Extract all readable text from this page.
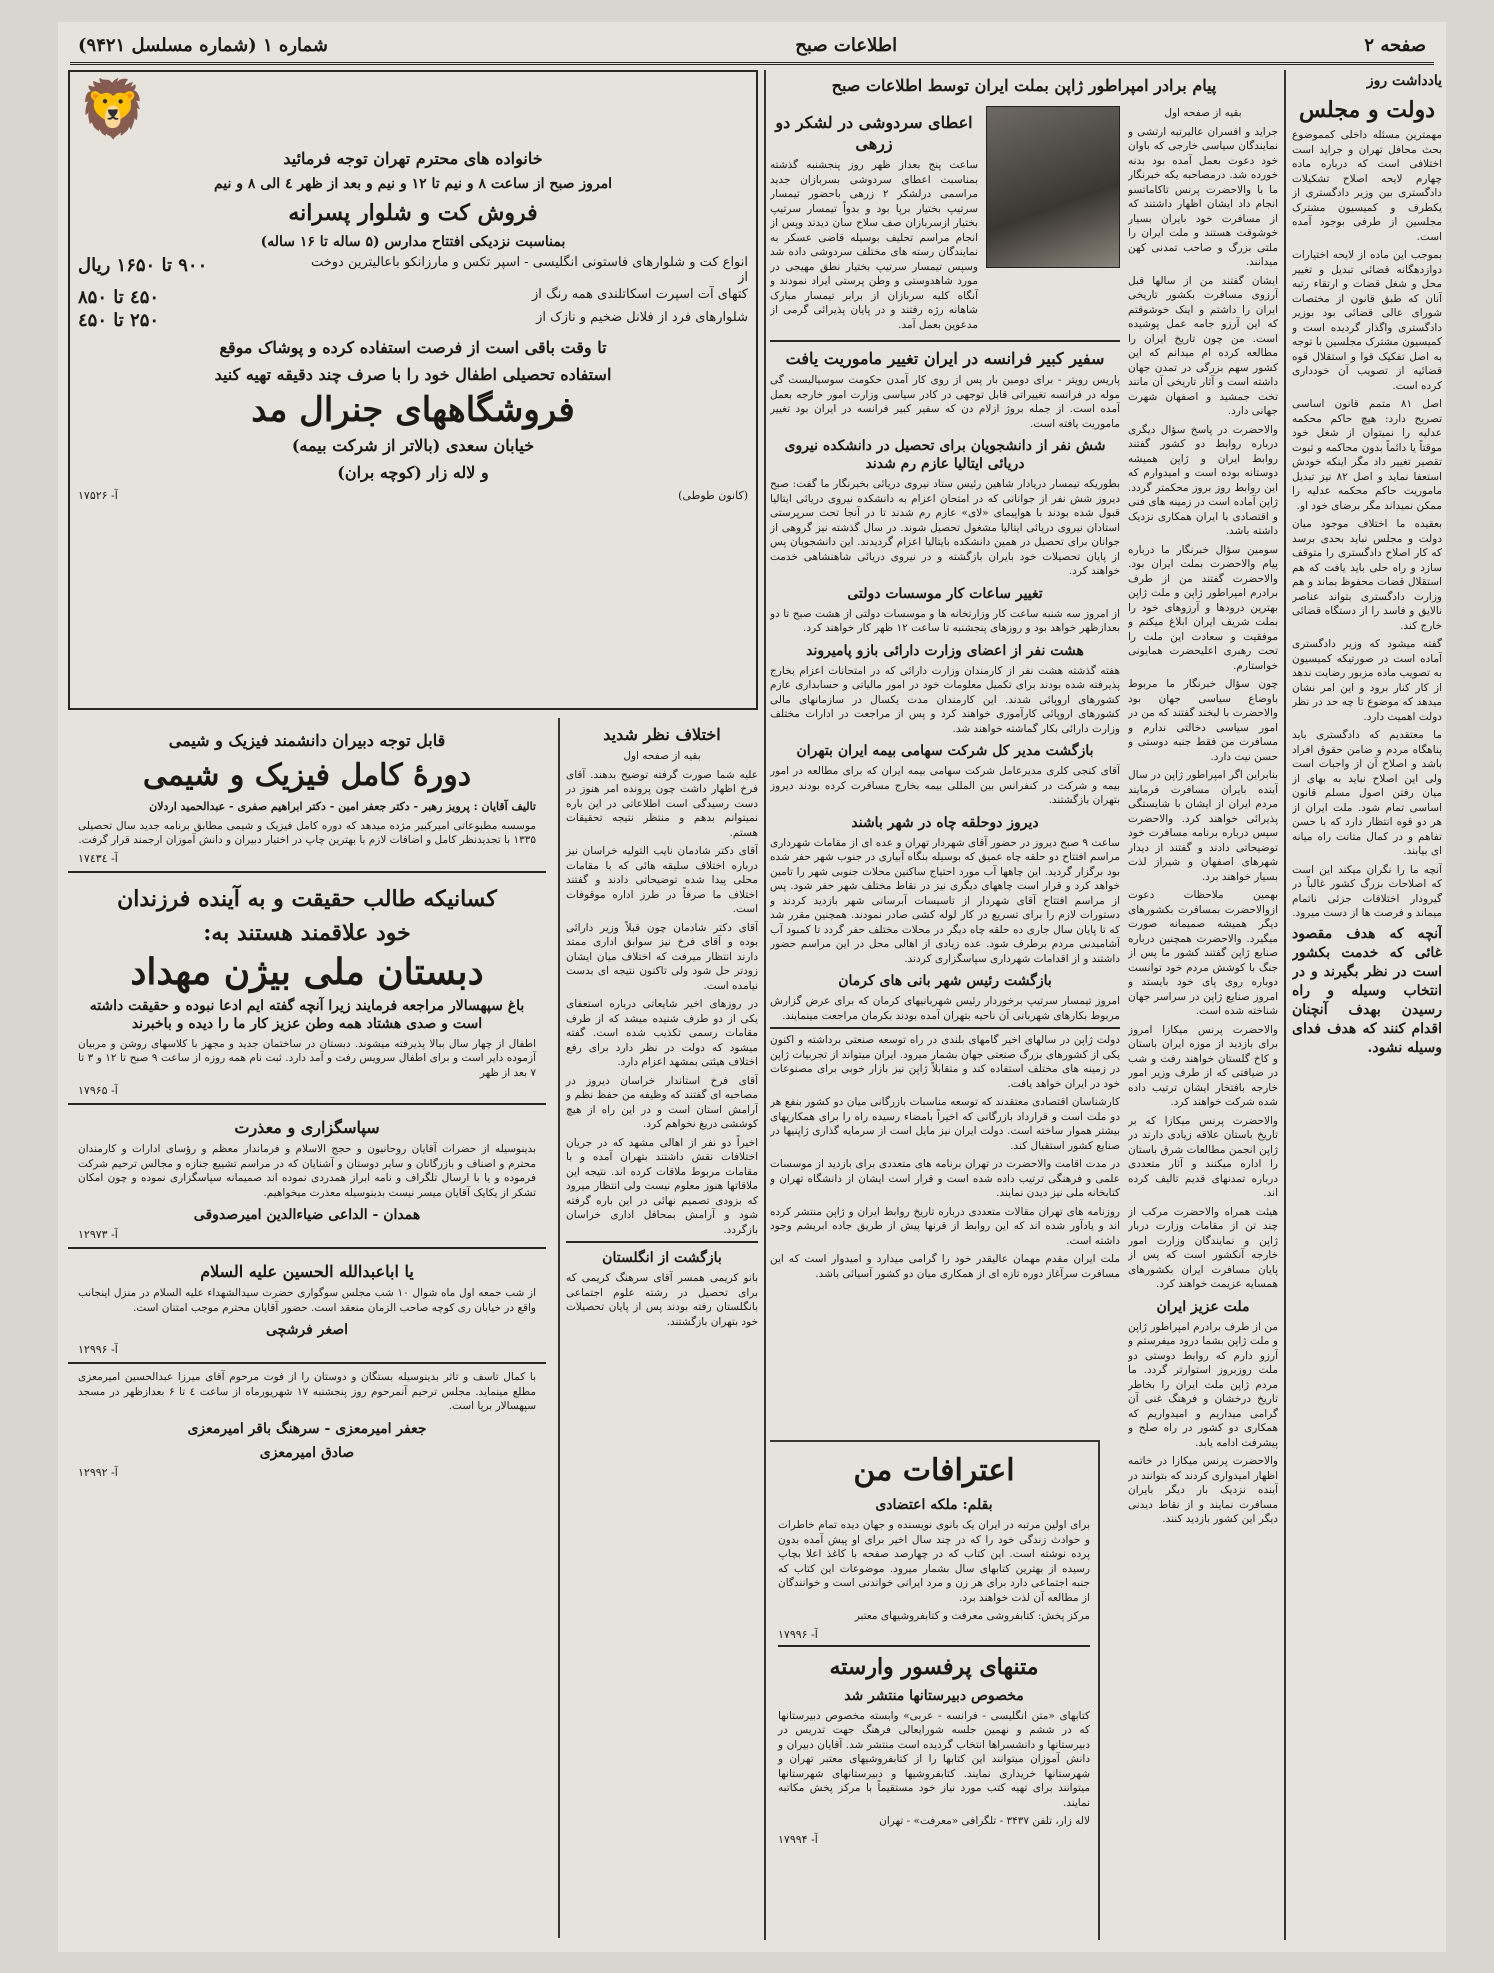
صفحه ۲
اطلاعات صبح
شماره ۱ (شماره مسلسل ۹۴۲۱)
یادداشت روز
دولت و مجلس

مهمترین مسئله داخلی کمموضوع بحث محافل تهران و جراید است اختلافی است که درباره ماده چهارم لایحه اصلاح تشکیلات دادگستری بین وزیر دادگستری از یکطرف و کمیسیون مشترک مجلسین از طرفی بوجود آمده است.

بموجب این ماده از لایحه اختیارات دوازدهگانه قضائی تبدیل و تغییر محل و شغل قضات و ارتقاء رتبه آنان که طبق قانون از مختصات شورای عالی قضائی بود بوزیر دادگستری واگذار گردیده است و کمیسیون مشترک مجلسین با توجه به اصل تفکیک قوا و استقلال قوه قضائیه از تصویب آن خودداری کرده است.

اصل ۸۱ متمم قانون اساسی تصریح دارد: هیچ حاکم محکمه عدلیه را نمیتوان از شغل خود موقتاً یا دائماً بدون محاکمه و ثبوت تقصیر تغییر داد مگر اینکه خودش استعفا نماید و اصل ۸۲ نیز تبدیل ماموریت حاکم محکمه عدلیه را ممکن نمیداند مگر برضای خود او.

بعقیده ما اختلاف موجود میان دولت و مجلس نباید بحدی برسد که کار اصلاح دادگستری را متوقف سازد و راه حلی باید یافت که هم استقلال قضات محفوظ بماند و هم وزارت دادگستری بتواند عناصر نالایق و فاسد را از دستگاه قضائی خارج کند.

گفته میشود که وزیر دادگستری آماده است در صورتیکه کمیسیون به تصویب ماده مزبور رضایت ندهد از کار کنار برود و این امر نشان میدهد که موضوع تا چه حد در نظر دولت اهمیت دارد.

ما معتقدیم که دادگستری باید پناهگاه مردم و ضامن حقوق افراد باشد و اصلاح آن از واجبات است ولی این اصلاح نباید به بهای از میان رفتن اصول مسلم قانون اساسی تمام شود. ملت ایران از هر دو قوه انتظار دارد که با حسن تفاهم و در کمال متانت راه میانه ای بیابند.

آنچه ما را نگران میکند این است که اصلاحات بزرگ کشور غالباً در گیرودار اختلافات جزئی ناتمام میماند و فرصت ها از دست میرود.

آنچه که هدف مقصود غائی که خدمت بکشور است در نظر بگیرند و در انتخاب وسیله و راه رسیدن بهدف آنچنان اقدام کنند که هدف فدای وسیله نشود.

پیام برادر امپراطور ژاپن بملت ایران توسط اطلاعات صبح
بقیه از صفحه اول

جراید و افسران عالیرتبه ارتشی و نمایندگان سیاسی خارجی که باوان خود دعوت بعمل آمده بود بدنه خورده شد. درمصاحبه یکه خبرنگار ما با والاحضرت پرنس تاکاماتسو انجام داد ایشان اظهار داشتند که از مسافرت خود بایران بسیار خوشوقت هستند و ملت ایران را ملتی بزرگ و صاحب تمدنی کهن میدانند.

ایشان گفتند من از سالها قبل آرزوی مسافرت بکشور تاریخی ایران را داشتم و اینک خوشوقتم که این آرزو جامه عمل پوشیده است. من چون تاریخ ایران را مطالعه کرده ام میدانم که این کشور سهم بزرگی در تمدن جهان داشته است و آثار تاریخی آن مانند تخت جمشید و اصفهان شهرت جهانی دارد.

والاحضرت در پاسخ سؤال دیگری درباره روابط دو کشور گفتند روابط ایران و ژاپن همیشه دوستانه بوده است و امیدوارم که این روابط روز بروز محکمتر گردد. ژاپن آماده است در زمینه های فنی و اقتصادی با ایران همکاری نزدیک داشته باشد.

سومین سؤال خبرنگار ما درباره پیام والاحضرت بملت ایران بود. والاحضرت گفتند من از طرف برادرم امپراطور ژاپن و ملت ژاپن بهترین درودها و آرزوهای خود را بملت شریف ایران ابلاغ میکنم و موفقیت و سعادت این ملت را تحت رهبری اعلیحضرت همایونی خواستارم.

چون سؤال خبرنگار ما مربوط باوضاع سیاسی جهان بود والاحضرت با لبخند گفتند که من در امور سیاسی دخالتی ندارم و مسافرت من فقط جنبه دوستی و حسن نیت دارد.

بنابراین اگر امپراطور ژاپن در سال آینده بایران مسافرت فرمایند مردم ایران از ایشان با شایستگی پذیرائی خواهند کرد. والاحضرت سپس درباره برنامه مسافرت خود توضیحاتی دادند و گفتند از دیدار شهرهای اصفهان و شیراز لذت بسیار خواهند برد.

بهمین ملاحظات دعوت ازوالاحضرت بمسافرت بکشورهای دیگر همیشه صمیمانه صورت میگیرد. والاحضرت همچنین درباره صنایع ژاپن گفتند کشور ما پس از جنگ با کوشش مردم خود توانست دوباره روی پای خود بایستد و امروز صنایع ژاپن در سراسر جهان شناخته شده است.

والاحضرت پرنس میکازا امروز برای بازدید از موزه ایران باستان و کاخ گلستان خواهند رفت و شب در ضیافتی که از طرف وزیر امور خارجه بافتخار ایشان ترتیب داده شده شرکت خواهند کرد.

والاحضرت پرنس میکازا که بر تاریخ باستان علاقه زیادی دارند در ژاپن انجمن مطالعات شرق باستان را اداره میکنند و آثار متعددی درباره تمدنهای قدیم تالیف کرده اند.

هیئت همراه والاحضرت مرکب از چند تن از مقامات وزارت دربار ژاپن و نمایندگان وزارت امور خارجه آنکشور است که پس از پایان مسافرت ایران بکشورهای همسایه عزیمت خواهند کرد.

ملت عزیز ایران

من از طرف برادرم امپراطور ژاپن و ملت ژاپن بشما درود میفرستم و آرزو دارم که روابط دوستی دو ملت روزبروز استوارتر گردد. ما مردم ژاپن ملت ایران را بخاطر تاریخ درخشان و فرهنگ غنی آن گرامی میداریم و امیدواریم که همکاری دو کشور در راه صلح و پیشرفت ادامه یابد.

والاحضرت پرنس میکازا در خاتمه اظهار امیدواری کردند که بتوانند در آینده نزدیک بار دیگر بایران مسافرت نمایند و از نقاط دیدنی دیگر این کشور بازدید کنند.

اعطای سردوشی در لشکر دو زرهی

ساعت پنج بعداز ظهر روز پنجشنبه گذشته بمناسبت اعطای سردوشی بسربازان جدید مراسمی درلشکر ۲ زرهی باحضور تیمسار سرتیپ بختیار برپا بود و بدواً تیمسار سرتیپ بختیار ازسربازان صف سلاح سان دیدند وپس از انجام مراسم تحلیف بوسیله قاضی عسکر به نمایندگان رسته های مختلف سردوشی داده شد وسپس تیمسار سرتیپ بختیار نطق مهیجی در مورد شاهدوستی و وطن پرستی ایراد نمودند و آنگاه کلیه سربازان از برابر تیمسار مبارک شاهانه رژه رفتند و در پایان پذیرائی گرمی از مدعوین بعمل آمد.

سفیر کبیر فرانسه در ایران تغییر ماموریت یافت

پاریس رویتر - برای دومین بار پس از روی کار آمدن حکومت سوسیالیست گی موله در فرانسه تغییراتی قابل توجهی در کادر سیاسی وزارت امور خارجه بعمل آمده است. از جمله بروژ ازلام دن که سفیر کبیر فرانسه در ایران بود تغییر ماموریت یافته است.

شش نفر از دانشجویان برای تحصیل در دانشکده نیروی دریائی ایتالیا عازم رم شدند

بطوریکه تیمسار دریادار شاهین رئیس ستاد نیروی دریائی بخبرنگار ما گفت: صبح دیروز شش نفر از جوانانی که در امتحان اعزام به دانشکده نیروی دریائی ایتالیا قبول شده بودند با هواپیمای «لای» عازم رم شدند تا در آنجا تحت سرپرستی استادان نیروی دریائی ایتالیا مشغول تحصیل شوند. در سال گذشته نیز گروهی از جوانان برای تحصیل در همین دانشکده بایتالیا اعزام گردیدند. این دانشجویان پس از پایان تحصیلات خود بایران بازگشته و در نیروی دریائی شاهنشاهی خدمت خواهند کرد.

تغییر ساعات کار موسسات دولتی

از امروز سه شنبه ساعت کار وزارتخانه ها و موسسات دولتی از هشت صبح تا دو بعدازظهر خواهد بود و روزهای پنجشنبه تا ساعت ۱۲ ظهر کار خواهند کرد.

هشت نفر از اعضای وزارت دارائی بازو پامیروند

هفته گذشته هشت نفر از کارمندان وزارت دارائی که در امتحانات اعزام بخارج پذیرفته شده بودند برای تکمیل معلومات خود در امور مالیاتی و حسابداری عازم کشورهای اروپائی شدند. این کارمندان مدت یکسال در سازمانهای مالی کشورهای اروپائی کارآموزی خواهند کرد و پس از مراجعت در ادارات مختلف وزارت دارائی بکار گماشته خواهند شد.

بازگشت مدیر کل شرکت سهامی بیمه ایران بتهران

آقای کنجی کلری مدیرعامل شرکت سهامی بیمه ایران که برای مطالعه در امور بیمه و شرکت در کنفرانس بین المللی بیمه بخارج مسافرت کرده بودند دیروز بتهران بازگشتند.

دیروز دوحلقه چاه در شهر باشند

ساعت ۹ صبح دیروز در حضور آقای شهردار تهران و عده ای از مقامات شهرداری مراسم افتتاح دو حلقه چاه عمیق که بوسیله بنگاه آبیاری در جنوب شهر حفر شده بود برگزار گردید. این چاهها آب مورد احتیاج ساکنین محلات جنوبی شهر را تامین خواهد کرد و قرار است چاههای دیگری نیز در نقاط مختلف شهر حفر شود. پس از مراسم افتتاح آقای شهردار از تاسیسات آبرسانی شهر بازدید کردند و دستورات لازم را برای تسریع در کار لوله کشی صادر نمودند. همچنین مقرر شد که تا پایان سال جاری ده حلقه چاه دیگر در محلات مختلف حفر گردد تا کمبود آب آشامیدنی مردم برطرف شود. عده زیادی از اهالی محل در این مراسم حضور داشتند و از اقدامات شهرداری سپاسگزاری کردند.

بازگشت رئیس شهر بانی های کرمان

امروز تیمسار سرتیپ برخوردار رئیس شهربانیهای کرمان که برای عرض گزارش مربوط بکارهای شهربانی آن ناحیه بتهران آمده بودند بکرمان مراجعت مینمایند.

دولت ژاپن در سالهای اخیر گامهای بلندی در راه توسعه صنعتی برداشته و اکنون یکی از کشورهای بزرگ صنعتی جهان بشمار میرود. ایران میتواند از تجربیات ژاپن در زمینه های مختلف استفاده کند و متقابلاً ژاپن نیز بازار خوبی برای مصنوعات خود در ایران خواهد یافت.

کارشناسان اقتصادی معتقدند که توسعه مناسبات بازرگانی میان دو کشور بنفع هر دو ملت است و قرارداد بازرگانی که اخیراً بامضاء رسیده راه را برای همکاریهای بیشتر هموار ساخته است. دولت ایران نیز مایل است از سرمایه گذاری ژاپنیها در صنایع کشور استقبال کند.

در مدت اقامت والاحضرت در تهران برنامه های متعددی برای بازدید از موسسات علمی و فرهنگی ترتیب داده شده است و قرار است ایشان از دانشگاه تهران و کتابخانه ملی نیز دیدن نمایند.

روزنامه های تهران مقالات متعددی درباره تاریخ روابط ایران و ژاپن منتشر کرده اند و یادآور شده اند که این روابط از قرنها پیش از طریق جاده ابریشم وجود داشته است.

ملت ایران مقدم مهمان عالیقدر خود را گرامی میدارد و امیدوار است که این مسافرت سرآغاز دوره تازه ای از همکاری میان دو کشور آسیائی باشد.

🦁
خانواده های محترم تهران توجه فرمائید
امروز صبح از ساعت ۸ و نیم تا ۱۲ و نیم و بعد از ظهر ٤ الی ۸ و نیم
فروش کت و شلوار پسرانه
بمناسبت نزدیکی افتتاح مدارس (۵ ساله تا ۱۶ ساله)
انواع کت و شلوارهای فاستونی انگلیسی - اسپر تکس و مارزانکو باعالیترین دوخت از
۹۰۰ تا ۱۶۵۰ ریال
کتهای آت اسپرت اسکاتلندی همه رنگ از
٤۵۰ تا ۸۵۰
شلوارهای فرد از فلانل ضخیم و نازک از
۲۵۰ تا ٤۵۰
تا وقت باقی است از فرصت استفاده کرده و پوشاک موقع
استفاده تحصیلی اطفال خود را با صرف چند دقیقه تهیه کنید
فروشگاههای جنرال مد
خیابان سعدی (بالاتر از شرکت بیمه)
و لاله زار (کوچه بران)
(کانون طوطی)
آ- ۱۷۵۲۶
اختلاف نظر شدید
بقیه از صفحه اول

علیه شما صورت گرفته توضیح بدهند. آقای فرخ اظهار داشت چون پرونده امر هنوز در دست رسیدگی است اطلاعاتی در این باره نمیتوانم بدهم و منتظر نتیجه تحقیقات هستم.

آقای دکتر شادمان نایب التولیه خراسان نیز درباره اختلاف سلیقه هائی که با مقامات محلی پیدا شده توضیحاتی دادند و گفتند اختلاف ما صرفاً در طرز اداره موقوفات است.

آقای دکتر شادمان چون قبلاً وزیر دارائی بوده و آقای فرخ نیز سوابق اداری ممتد دارند انتظار میرفت که اختلاف میان ایشان زودتر حل شود ولی تاکنون نتیجه ای بدست نیامده است.

در روزهای اخیر شایعاتی درباره استعفای یکی از دو طرف شنیده میشد که از طرف مقامات رسمی تکذیب شده است. گفته میشود که دولت در نظر دارد برای رفع اختلاف هیئتی بمشهد اعزام دارد.

آقای فرخ استاندار خراسان دیروز در مصاحبه ای گفتند که وظیفه من حفظ نظم و آرامش استان است و در این راه از هیچ کوششی دریغ نخواهم کرد.

اخیراً دو نفر از اهالی مشهد که در جریان اختلافات نقش داشتند بتهران آمده و با مقامات مربوط ملاقات کرده اند. نتیجه این ملاقاتها هنوز معلوم نیست ولی انتظار میرود که بزودی تصمیم نهائی در این باره گرفته شود و آرامش بمحافل اداری خراسان بازگردد.

بازگشت از انگلستان

بانو کریمی همسر آقای سرهنگ کریمی که برای تحصیل در رشته علوم اجتماعی بانگلستان رفته بودند پس از پایان تحصیلات خود بتهران بازگشتند.

قابل توجه دبیران دانشمند فیزیک و شیمی
دورۀ کامل فیزیک و شیمی
تالیف آقایان : پرویز رهبر - دکتر جعفر امین - دکتر ابراهیم صفری - عبدالحمید اردلان

موسسه مطبوعاتی امیرکبیر مژده میدهد که دوره کامل فیزیک و شیمی مطابق برنامه جدید سال تحصیلی ۱۳۳۵ با تجدیدنظر کامل و اضافات لازم با بهترین چاپ در اختیار دبیران و دانش آموزان ارجمند قرار گرفت.

آ- ۱۷٤۳٤
کسانیکه طالب حقیقت و به آینده فرزندان
خود علاقمند هستند به:
دبستان ملی بیژن مهداد
باغ سپهسالار مراجعه فرمایند زیرا آنچه گفته ایم ادعا نبوده و حقیقت داشته است و صدی هشتاد همه وطن عزیز کار ما را دیده و باخبرند

اطفال از چهار سال ببالا پذیرفته میشوند. دبستان در ساختمان جدید و مجهز با کلاسهای روشن و مربیان آزموده دایر است و برای اطفال سرویس رفت و آمد دارد. ثبت نام همه روزه از ساعت ۹ صبح تا ۱۲ و ۳ تا ۷ بعد از ظهر

آ- ۱۷۹۶۵
سپاسگزاری و معذرت

بدینوسیله از حضرات آقایان روحانیون و حجج الاسلام و فرماندار معظم و رؤسای ادارات و کارمندان محترم و اصناف و بازرگانان و سایر دوستان و آشنایان که در مراسم تشییع جنازه و مجالس ترحیم شرکت فرموده و یا با ارسال تلگراف و نامه ابراز همدردی نموده اند صمیمانه سپاسگزاری نموده و چون امکان تشکر از یکایک آقایان میسر نیست بدینوسیله معذرت میخواهیم.

همدان - الداعی ضیاءالدین امیرصدوقی
آ- ۱۲۹۷۳
یا اباعبدالله الحسین علیه السلام

از شب جمعه اول ماه شوال ۱۰ شب مجلس سوگواری حضرت سیدالشهداء علیه السلام در منزل اینجانب واقع در خیابان ری کوچه صاحب الزمان منعقد است. حضور آقایان محترم موجب امتنان است.

اصغر فرشچی
آ- ۱۲۹۹۶

با کمال تاسف و تاثر بدینوسیله بستگان و دوستان را از فوت مرحوم آقای میرزا عبدالحسین امیرمعزی مطلع مینماید. مجلس ترحیم آنمرحوم روز پنجشنبه ۱۷ شهریورماه از ساعت ٤ تا ۶ بعدازظهر در مسجد سپهسالار برپا است.

جعفر امیرمعزی - سرهنگ باقر امیرمعزی
صادق امیرمعزی
آ- ۱۲۹۹۲	اعترافات من
بقلم: ملکه اعتضادی

برای اولین مرتبه در ایران یک بانوی نویسنده و جهان دیده تمام خاطرات و حوادث زندگی خود را که در چند سال اخیر برای او پیش آمده بدون پرده نوشته است. این کتاب که در چهارصد صفحه با کاغذ اعلا بچاپ رسیده از بهترین کتابهای سال بشمار میرود. موضوعات این کتاب که جنبه اجتماعی دارد برای هر زن و مرد ایرانی خواندنی است و خوانندگان از مطالعه آن لذت خواهند برد.

مرکز پخش: کتابفروشی معرفت و کتابفروشیهای معتبر
آ- ۱۷۹۹۶
متنهای پرفسور وارسته
مخصوص دبیرستانها منتشر شد

کتابهای «متن انگلیسی - فرانسه - عربی» وابسته مخصوص دبیرستانها که در ششم و نهمین جلسه شورایعالی فرهنگ جهت تدریس در دبیرستانها و دانشسراها انتخاب گردیده است منتشر شد. آقایان دبیران و دانش آموزان میتوانند این کتابها را از کتابفروشیهای معتبر تهران و شهرستانها خریداری نمایند. کتابفروشیها و دبیرستانهای شهرستانها میتوانند برای تهیه کتب مورد نیاز خود مستقیماً با مرکز پخش مکاتبه نمایند.

لاله زار، تلفن ۳۴۳۷ - تلگرافی «معرفت» - تهران
آ- ۱۷۹۹۴
